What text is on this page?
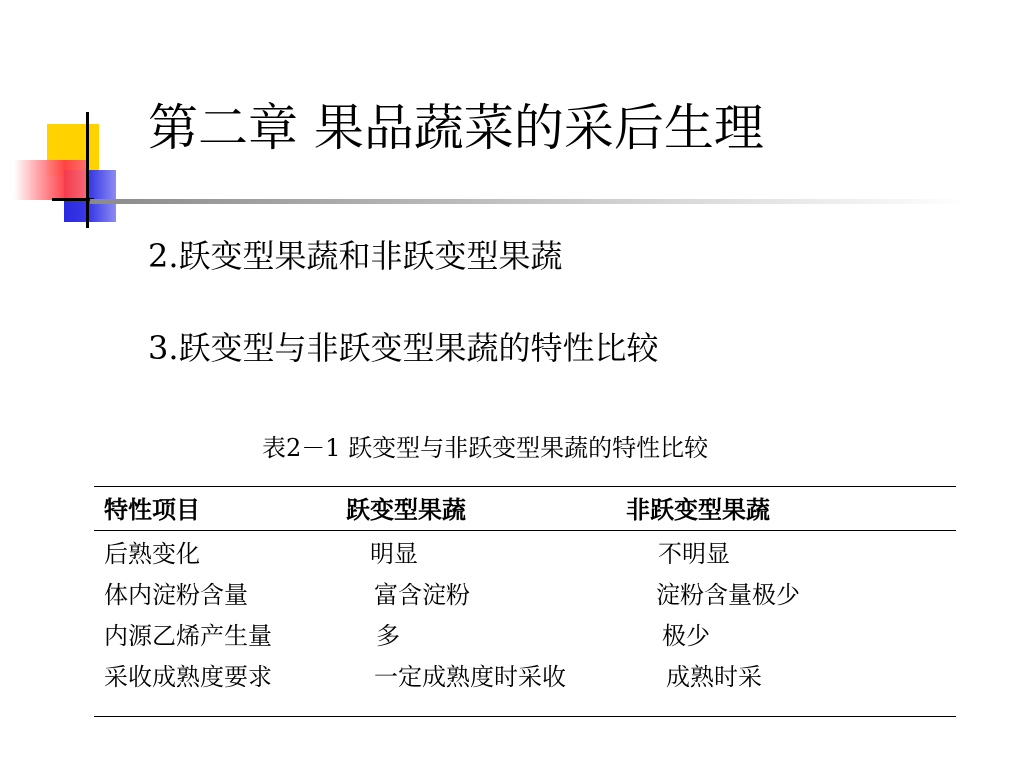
第二章 果品蔬菜的采后生理
2.跃变型果蔬和非跃变型果蔬
3.跃变型与非跃变型果蔬的特性比较
表2－1 跃变型与非跃变型果蔬的特性比较
特性项目	跃变型果蔬	非跃变型果蔬
后熟变化	明显	不明显
体内淀粉含量	富含淀粉	淀粉含量极少
内源乙烯产生量	多	极少
采收成熟度要求	一定成熟度时采收	成熟时采
